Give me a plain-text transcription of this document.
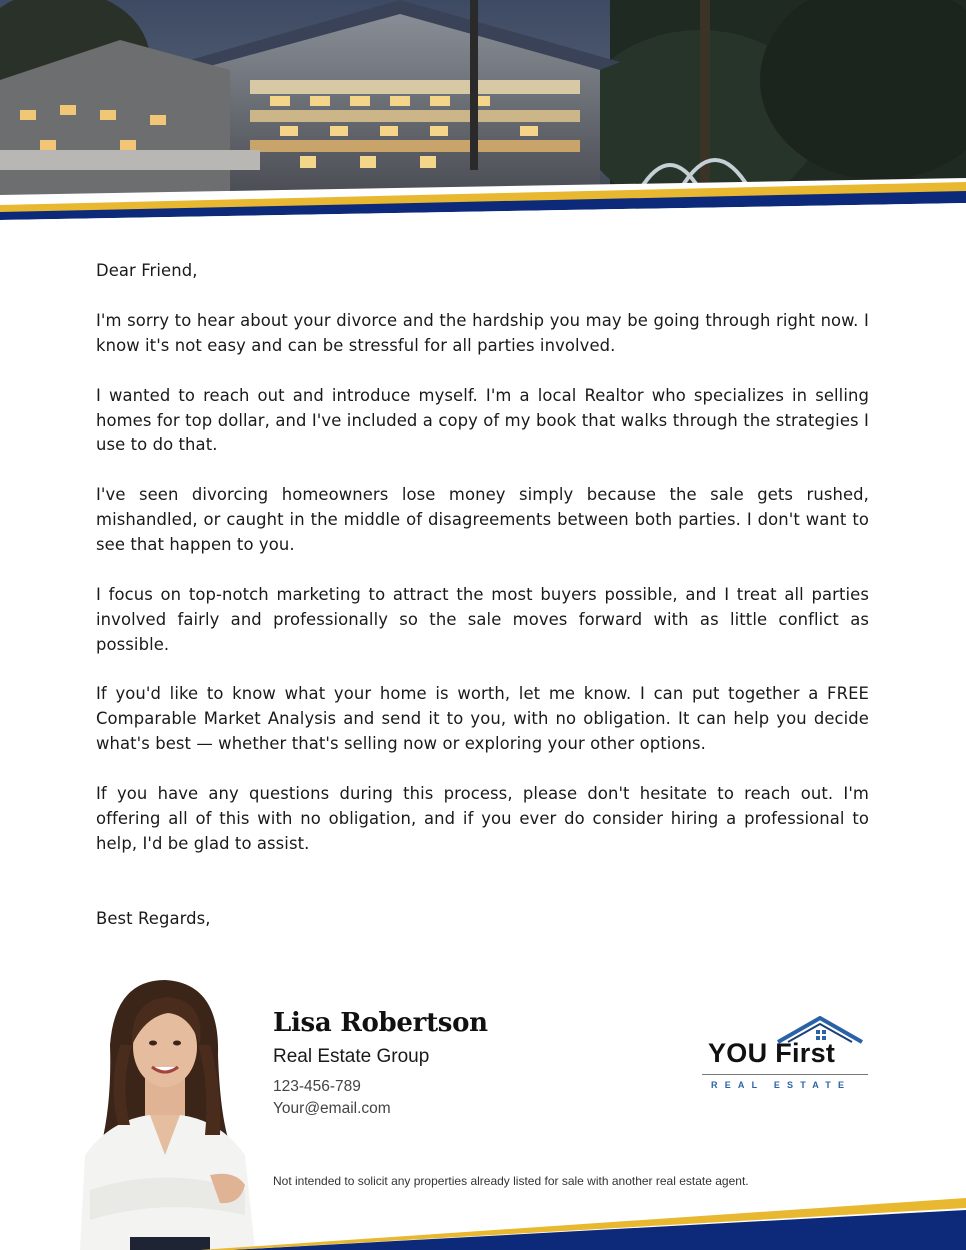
Dear Friend,

I'm sorry to hear about your divorce and the hardship you may be going through right now. I know it's not easy and can be stressful for all parties involved.

I wanted to reach out and introduce myself. I'm a local Realtor who specializes in selling homes for top dollar, and I've included a copy of my book that walks through the strategies I use to do that.

I've seen divorcing homeowners lose money simply because the sale gets rushed, mishandled, or caught in the middle of disagreements between both parties. I don't want to see that happen to you.

I focus on top-notch marketing to attract the most buyers possible, and I treat all parties involved fairly and professionally so the sale moves forward with as little conflict as possible.

If you'd like to know what your home is worth, let me know. I can put together a FREE Comparable Market Analysis and send it to you, with no obligation. It can help you decide what's best — whether that's selling now or exploring your other options.

If you have any questions during this process, please don't hesitate to reach out. I'm offering all of this with no obligation, and if you ever do consider hiring a professional to help, I'd be glad to assist.

Best Regards,

Lisa Robertson
Real Estate Group
123-456-789
Your@email.com
YOU First
REAL ESTATE
Not intended to solicit any properties already listed for sale with another real estate agent.
